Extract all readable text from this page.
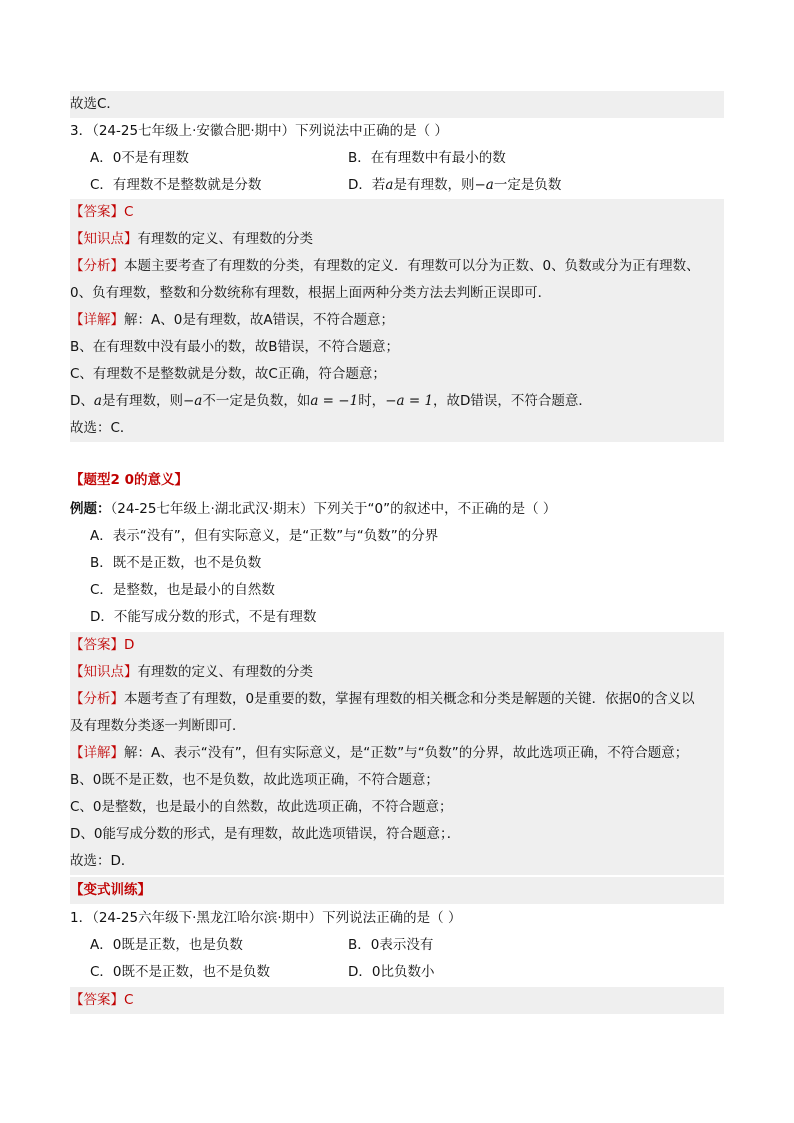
故选C．
3．（24-25七年级上·安徽合肥·期中）下列说法中正确的是（ ）
A．0不是有理数	B．在有理数中有最小的数
C．有理数不是整数就是分数	D．若a是有理数，则−a一定是负数
【答案】C
【知识点】有理数的定义、有理数的分类
【分析】本题主要考查了有理数的分类，有理数的定义．有理数可以分为正数、0、负数或分为正有理数、
0、负有理数，整数和分数统称有理数，根据上面两种分类方法去判断正误即可．
【详解】解：A、0是有理数，故A错误，不符合题意；
B、在有理数中没有最小的数，故B错误，不符合题意；
C、有理数不是整数就是分数，故C正确，符合题意；
D、a是有理数，则−a不一定是负数，如a = −1时，−a = 1，故D错误，不符合题意．
故选：C．
【题型2 0的意义】
例题：（24-25七年级上·湖北武汉·期末）下列关于“0”的叙述中，不正确的是（ ）
A．表示“没有”，但有实际意义，是“正数”与“负数”的分界
B．既不是正数，也不是负数
C．是整数，也是最小的自然数
D．不能写成分数的形式，不是有理数
【答案】D
【知识点】有理数的定义、有理数的分类
【分析】本题考查了有理数，0是重要的数，掌握有理数的相关概念和分类是解题的关键．依据0的含义以
及有理数分类逐一判断即可．
【详解】解：A、表示“没有”，但有实际意义，是“正数”与“负数”的分界，故此选项正确，不符合题意；
B、0既不是正数，也不是负数，故此选项正确，不符合题意；
C、0是整数，也是最小的自然数，故此选项正确，不符合题意；
D、0能写成分数的形式，是有理数，故此选项错误，符合题意；．
故选：D．
【变式训练】
1．（24-25六年级下·黑龙江哈尔滨·期中）下列说法正确的是（ ）
A．0既是正数，也是负数	B．0表示没有
C．0既不是正数，也不是负数	D．0比负数小
【答案】C
